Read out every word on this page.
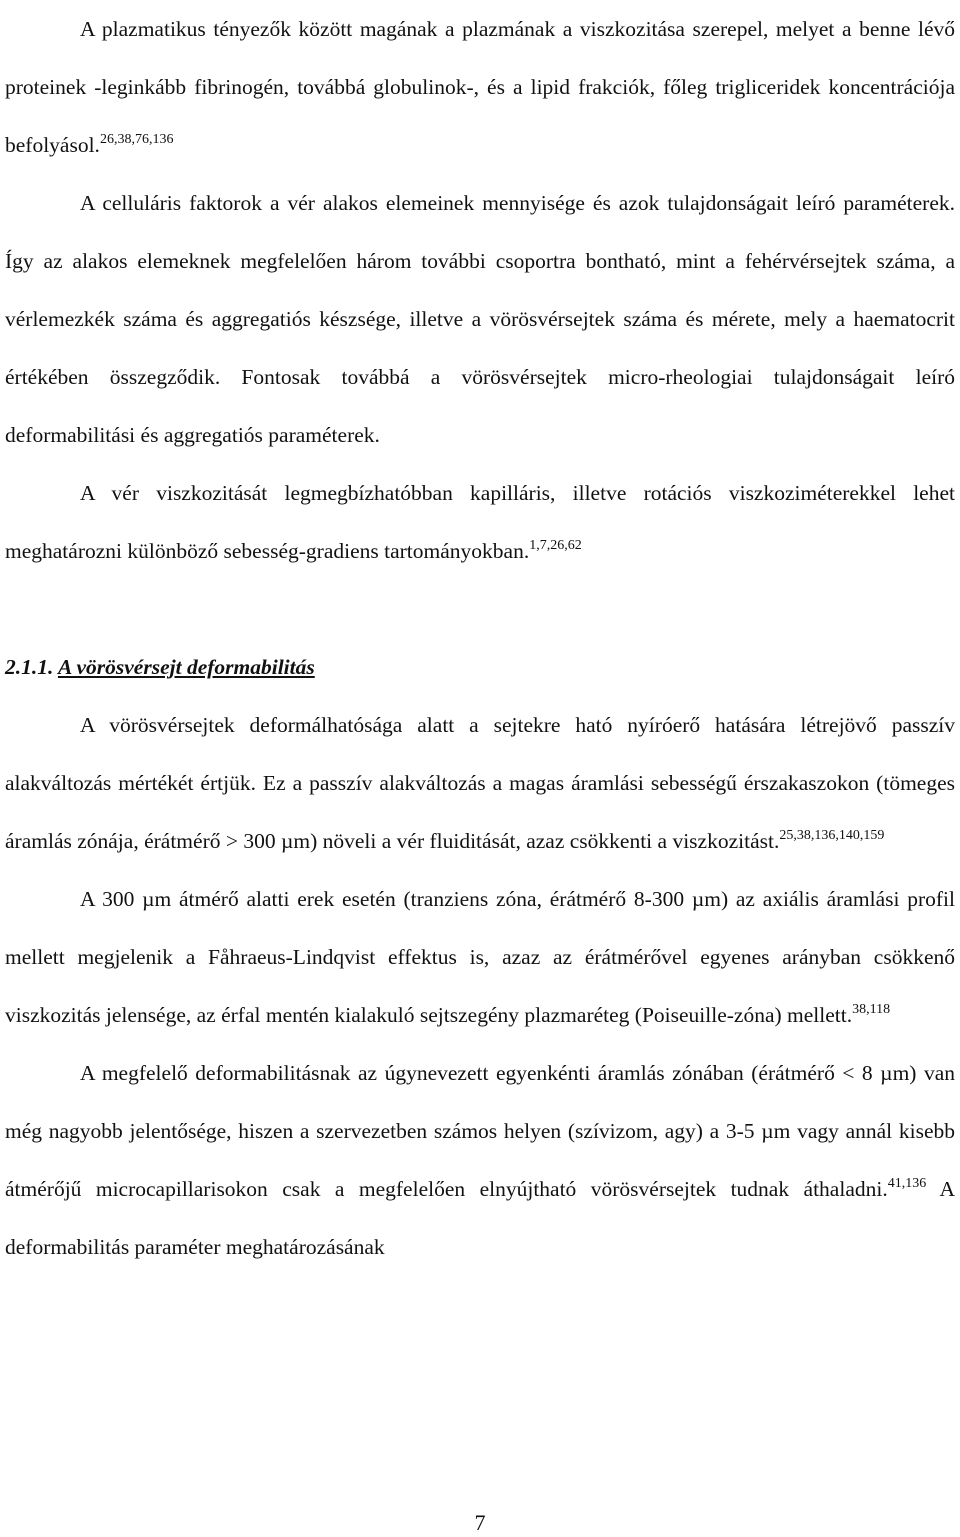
A plazmatikus tényezők között magának a plazmának a viszkozitása szerepel, melyet a benne lévő proteinek -leginkább fibrinogén, továbbá globulinok-, és a lipid frakciók, főleg trigliceridek koncentrációja befolyásol.$^{26,38,76,136}$

A celluláris faktorok a vér alakos elemeinek mennyisége és azok tulajdonságait leíró paraméterek. Így az alakos elemeknek megfelelően három további csoportra bontható, mint a fehérvérsejtek száma, a vérlemezkék száma és aggregatiós készsége, illetve a vörösvérsejtek száma és mérete, mely a haematocrit értékében összegződik. Fontosak továbbá a vörösvérsejtek micro-rheologiai tulajdonságait leíró deformabilitási és aggregatiós paraméterek.

A vér viszkozitását legmegbízhatóbban kapilláris, illetve rotációs viszkoziméterekkel lehet meghatározni különböző sebesség-gradiens tartományokban.$^{1,7,26,62}$

2.1.1. A vörösvérsejt deformabilitás

A vörösvérsejtek deformálhatósága alatt a sejtekre ható nyíróerő hatására létrejövő passzív alakváltozás mértékét értjük. Ez a passzív alakváltozás a magas áramlási sebességű érszakaszokon (tömeges áramlás zónája, érátmérő > 300 µm) növeli a vér fluiditását, azaz csökkenti a viszkozitást.$^{25,38,136,140,159}$

A 300 µm átmérő alatti erek esetén (tranziens zóna, érátmérő 8-300 µm) az axiális áramlási profil mellett megjelenik a Fåhraeus-Lindqvist effektus is, azaz az érátmérővel egyenes arányban csökkenő viszkozitás jelensége, az érfal mentén kialakuló sejtszegény plazmaréteg (Poiseuille-zóna) mellett.$^{38,118}$

A megfelelő deformabilitásnak az úgynevezett egyenkénti áramlás zónában (érátmérő < 8 µm) van még nagyobb jelentősége, hiszen a szervezetben számos helyen (szívizom, agy) a 3-5 µm vagy annál kisebb átmérőjű microcapillarisokon csak a megfelelően elnyújtható vörösvérsejtek tudnak áthaladni.$^{41,136}$ A deformabilitás paraméter meghatározásának

7
